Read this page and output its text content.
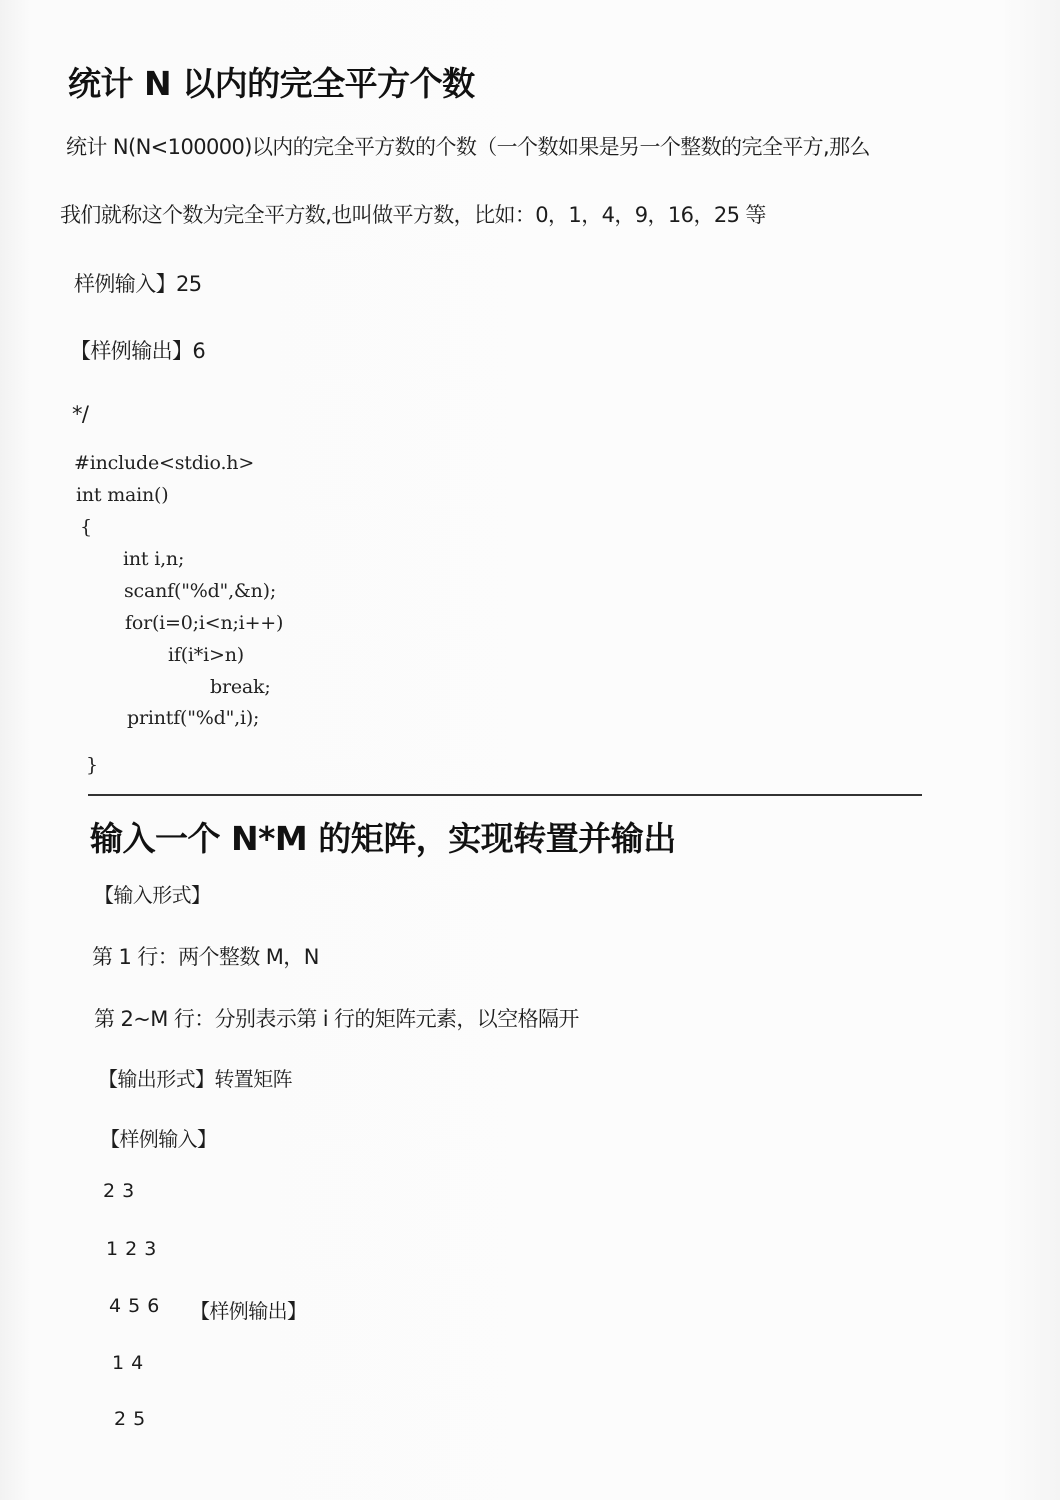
统计 N 以内的完全平方个数
统计 N(N<100000)以内的完全平方数的个数（一个数如果是另一个整数的完全平方,那么
我们就称这个数为完全平方数,也叫做平方数，比如：0，1，4，9，16，25 等
样例输入】25
【样例输出】6
*/
#include<stdio.h>
int main()
{
int i,n;
scanf("%d",&n);
for(i=0;i<n;i++)
if(i*i>n)
break;
printf("%d",i);
}
输入一个 N*M 的矩阵，实现转置并输出
【输入形式】
第 1 行：两个整数 M，N
第 2~M 行：分别表示第 i 行的矩阵元素，以空格隔开
【输出形式】转置矩阵
【样例输入】
2 3
1 2 3
4 5 6 【样例输出】
1 4
2 5
